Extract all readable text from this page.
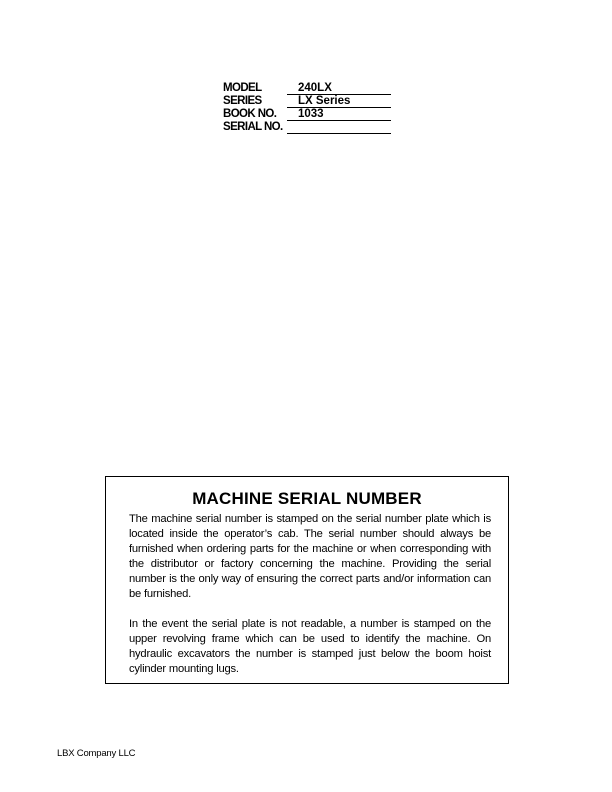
MODEL	240LX
SERIES	LX Series
BOOK NO.	1033
SERIAL NO.
MACHINE SERIAL NUMBER

The machine serial number is stamped on the serial number plate which is located inside the operator’s cab. The serial number should always be furnished when ordering parts for the machine or when corresponding with the distributor or factory concerning the machine. Providing the serial number is the only way of ensuring the correct parts and/or information can be furnished.

In the event the serial plate is not readable, a number is stamped on the upper revolving frame which can be used to identify the machine. On hydraulic excavators the number is stamped just below the boom hoist cylinder mounting lugs.

LBX Company LLC
